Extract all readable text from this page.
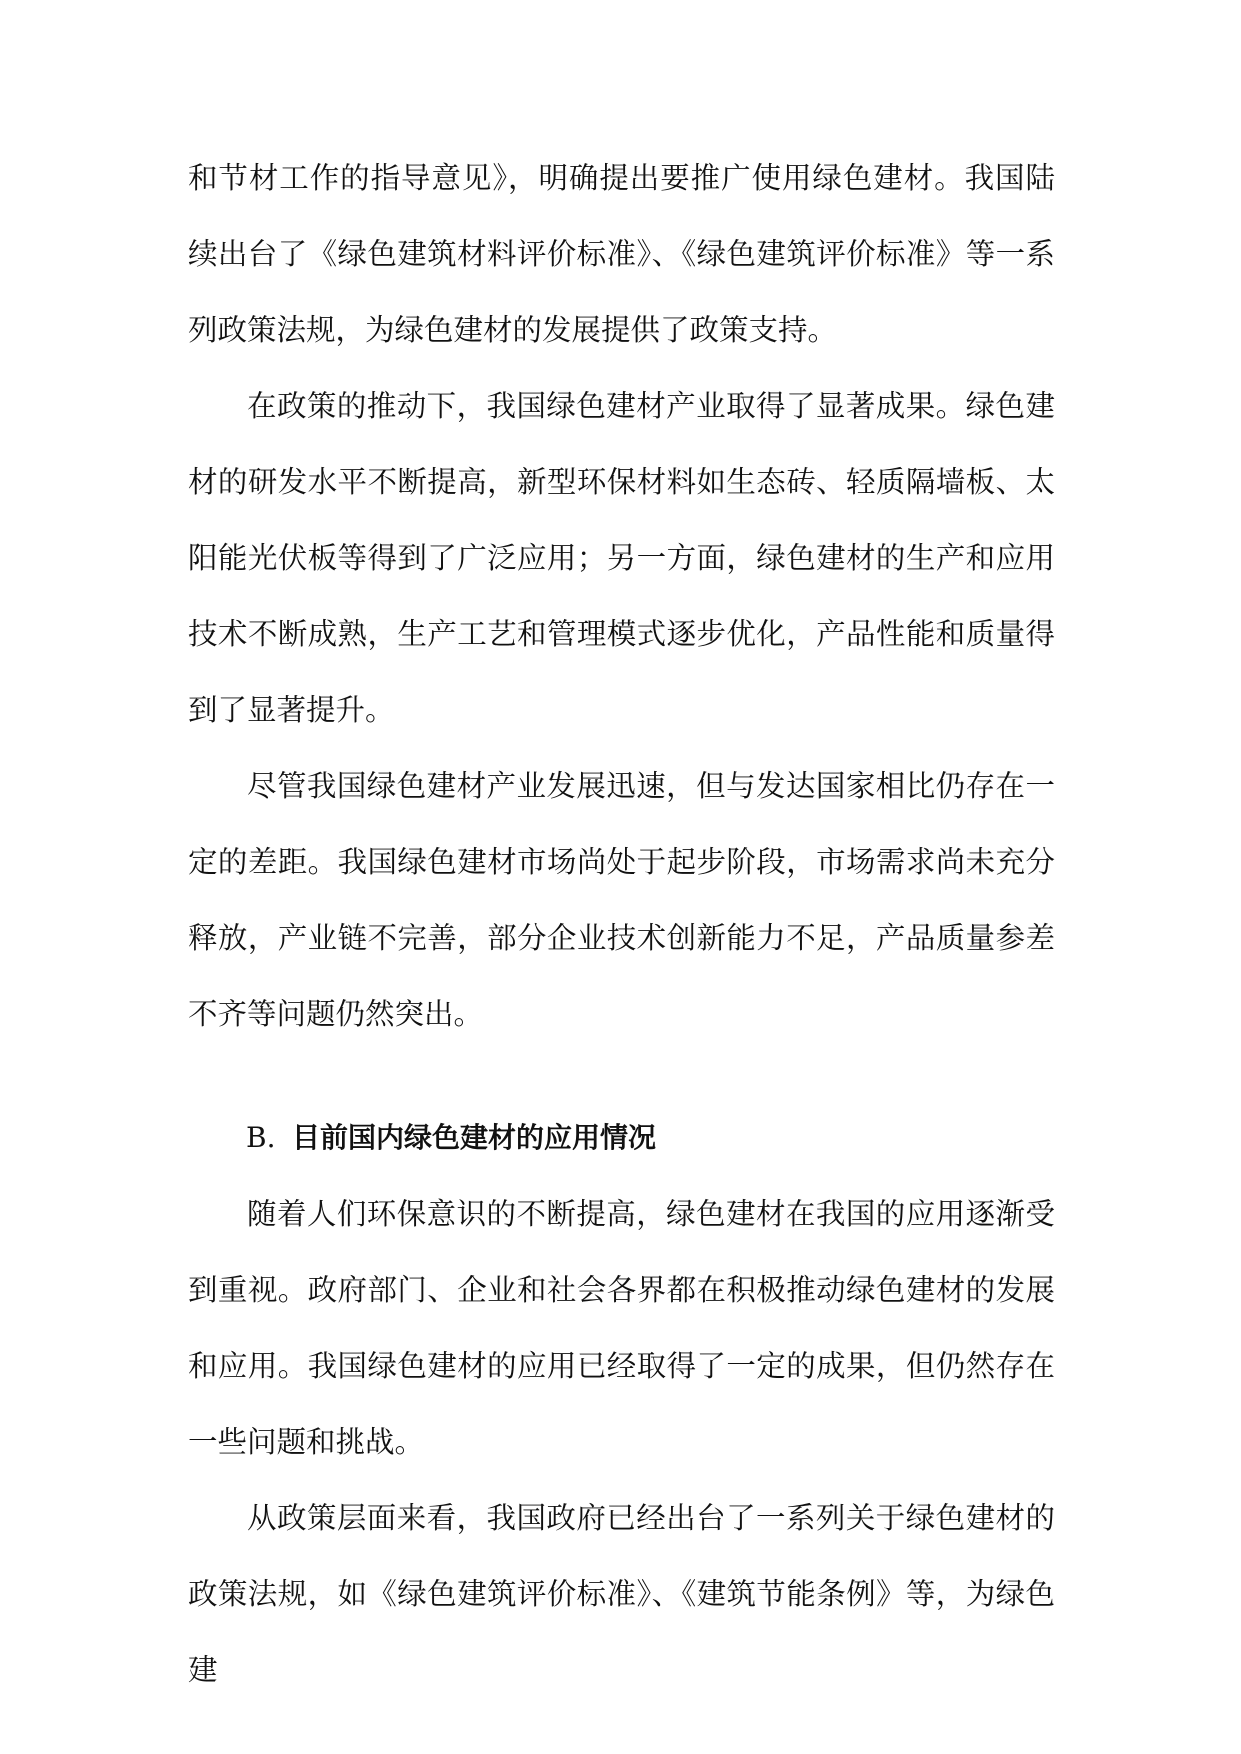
和节材工作的指导意见》，明确提出要推广使用绿色建材。我国陆续出台了《绿色建筑材料评价标准》、《绿色建筑评价标准》等一系列政策法规，为绿色建材的发展提供了政策支持。

在政策的推动下，我国绿色建材产业取得了显著成果。绿色建材的研发水平不断提高，新型环保材料如生态砖、轻质隔墙板、太阳能光伏板等得到了广泛应用；另一方面，绿色建材的生产和应用技术不断成熟，生产工艺和管理模式逐步优化，产品性能和质量得到了显著提升。

尽管我国绿色建材产业发展迅速，但与发达国家相比仍存在一定的差距。我国绿色建材市场尚处于起步阶段，市场需求尚未充分释放，产业链不完善，部分企业技术创新能力不足，产品质量参差不齐等问题仍然突出。

B. 目前国内绿色建材的应用情况

随着人们环保意识的不断提高，绿色建材在我国的应用逐渐受到重视。政府部门、企业和社会各界都在积极推动绿色建材的发展和应用。我国绿色建材的应用已经取得了一定的成果，但仍然存在一些问题和挑战。

从政策层面来看，我国政府已经出台了一系列关于绿色建材的政策法规，如《绿色建筑评价标准》、《建筑节能条例》等，为绿色建
